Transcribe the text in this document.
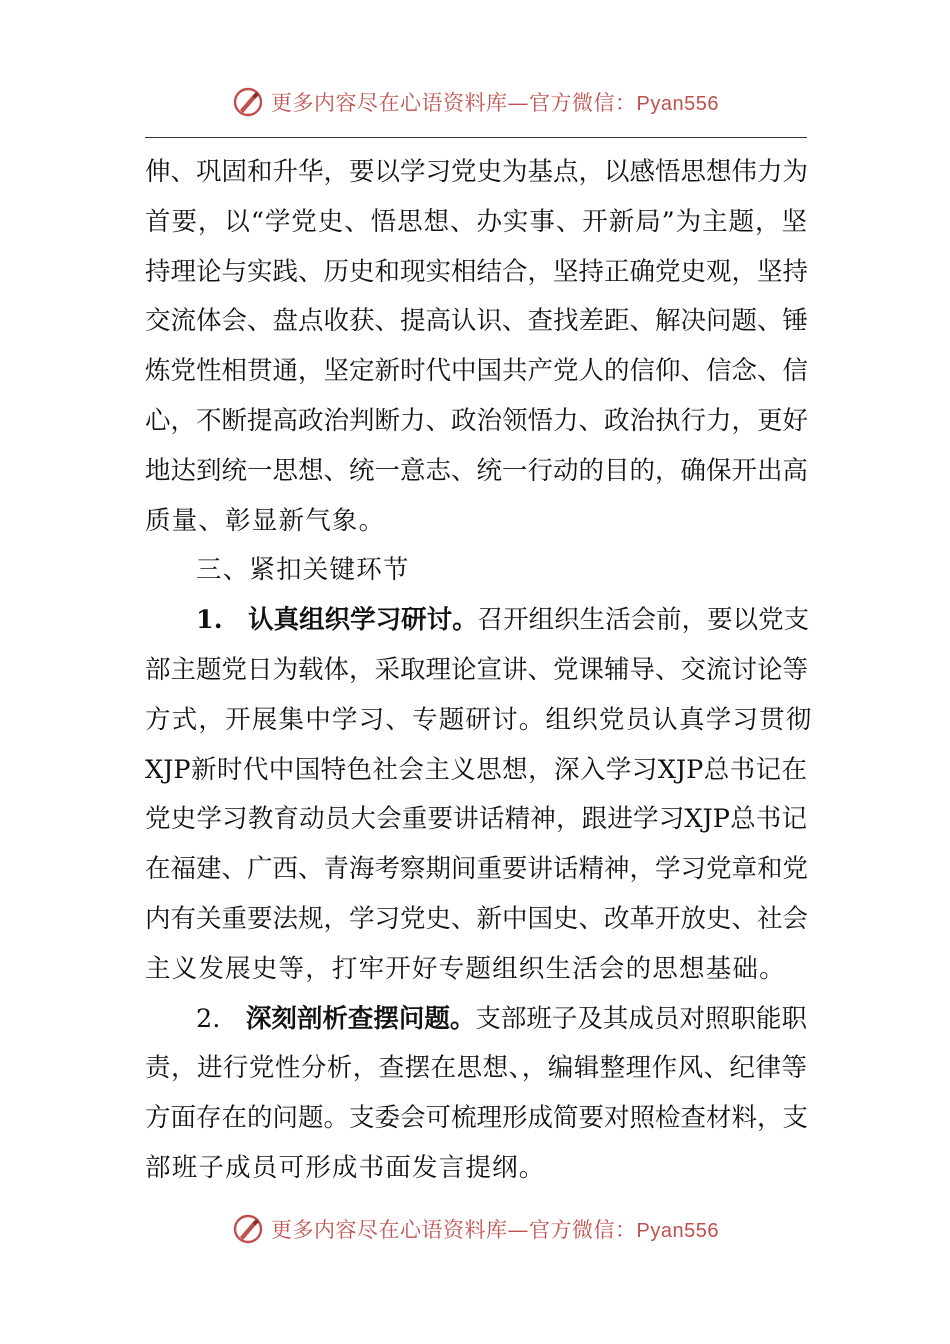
更多内容尽在心语资料库—官方微信：Pyan556
伸、巩固和升华，要以学习党史为基点，以感悟思想伟力为
首要，以“学党史、悟思想、办实事、开新局”为主题，坚
持理论与实践、历史和现实相结合，坚持正确党史观，坚持
交流体会、盘点收获、提高认识、查找差距、解决问题、锤
炼党性相贯通，坚定新时代中国共产党人的信仰、信念、信
心，不断提高政治判断力、政治领悟力、政治执行力，更好
地达到统一思想、统一意志、统一行动的目的，确保开出高
质量、彰显新气象。
三、紧扣关键环节
1.　 认真组织学习研讨。召开组织生活会前，要以党支
部主题党日为载体，采取理论宣讲、党课辅导、交流讨论等
方式，开展集中学习、专题研讨。组织党员认真学习贯彻
XJP新时代中国特色社会主义思想，深入学习XJP总书记在
党史学习教育动员大会重要讲话精神，跟进学习XJP总书记
在福建、广西、青海考察期间重要讲话精神，学习党章和党
内有关重要法规，学习党史、新中国史、改革开放史、社会
主义发展史等，打牢开好专题组织生活会的思想基础。
2.　 深刻剖析查摆问题。支部班子及其成员对照职能职
责，进行党性分析，查摆在思想、，编辑整理作风、纪律等
方面存在的问题。支委会可梳理形成简要对照检查材料，支
部班子成员可形成书面发言提纲。
更多内容尽在心语资料库—官方微信：Pyan556
